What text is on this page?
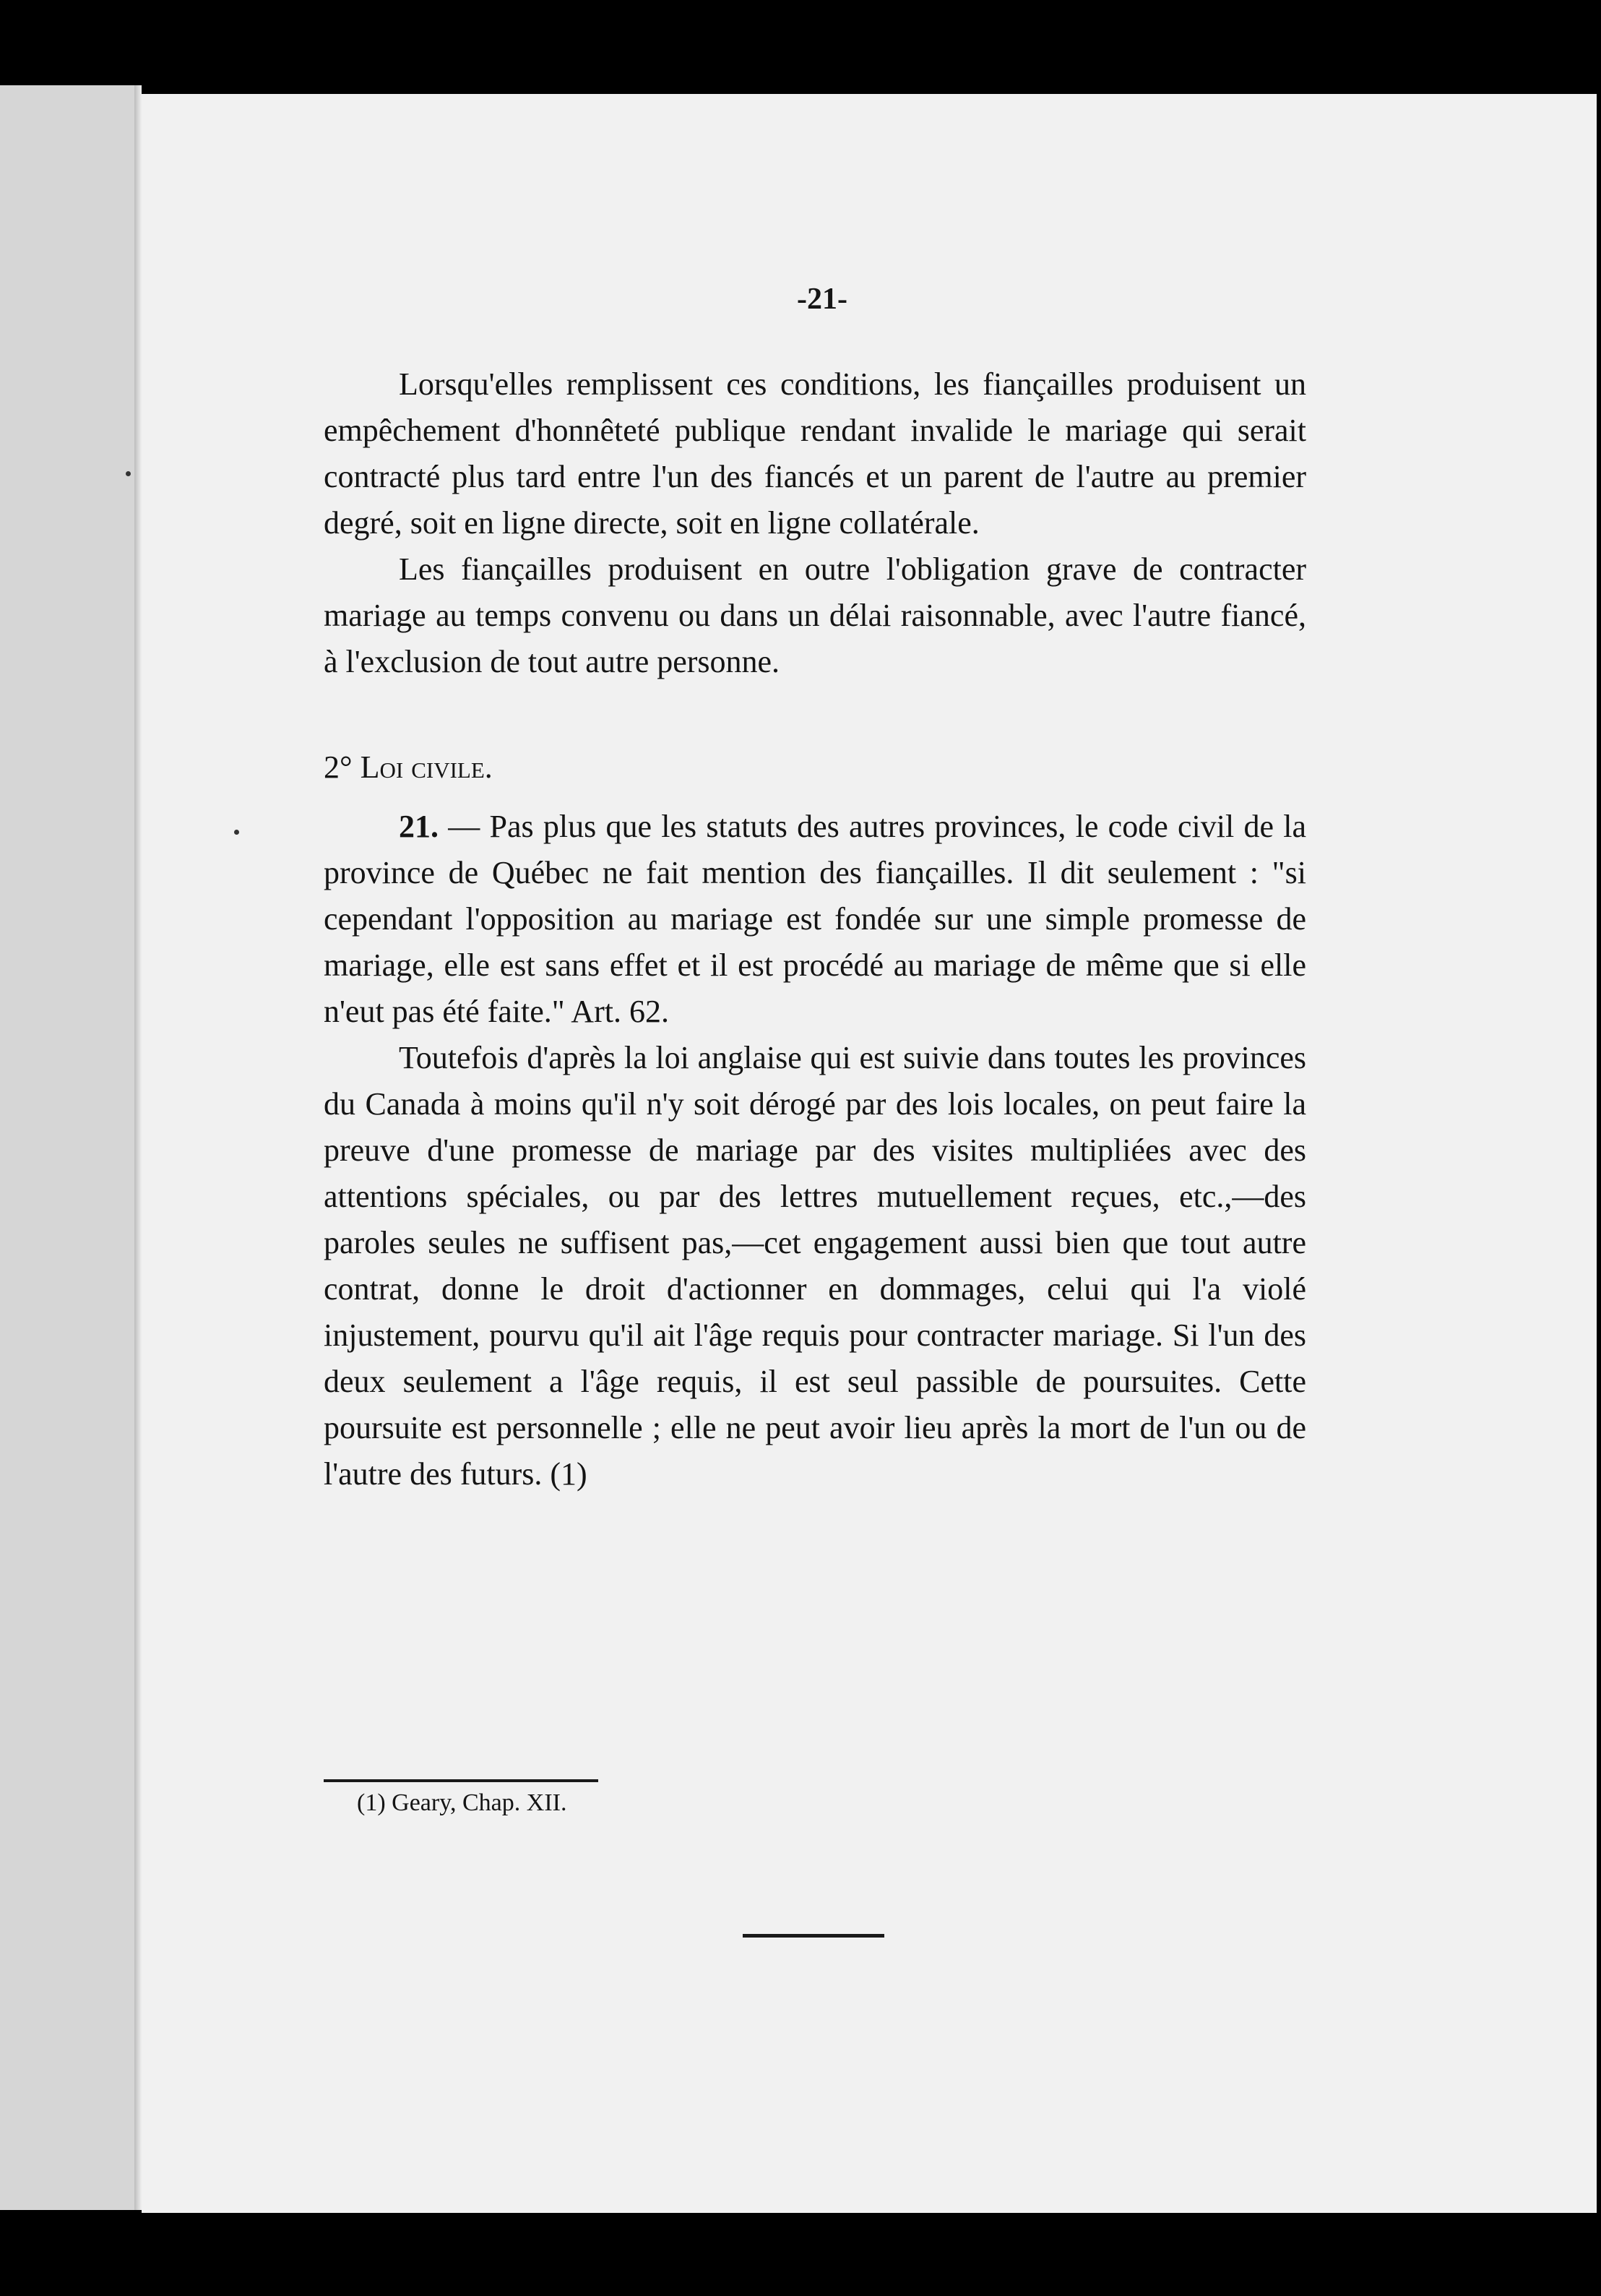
-21-

Lorsqu'elles remplissent ces conditions, les fiançailles produisent un empêchement d'honnêteté publique rendant invalide le mariage qui serait contracté plus tard entre l'un des fiancés et un parent de l'autre au premier degré, soit en ligne directe, soit en ligne collatérale.

Les fiançailles produisent en outre l'obligation grave de contracter mariage au temps convenu ou dans un délai raisonnable, avec l'autre fiancé, à l'exclusion de tout autre personne.

2° Loi civile.

21. — Pas plus que les statuts des autres provinces, le code civil de la province de Québec ne fait mention des fiançailles. Il dit seulement : "si cependant l'opposition au mariage est fondée sur une simple promesse de mariage, elle est sans effet et il est procédé au mariage de même que si elle n'eut pas été faite." Art. 62.

Toutefois d'après la loi anglaise qui est suivie dans toutes les provinces du Canada à moins qu'il n'y soit dérogé par des lois locales, on peut faire la preuve d'une promesse de mariage par des visites multipliées avec des attentions spéciales, ou par des lettres mutuellement reçues, etc.,—des paroles seules ne suffisent pas,—cet engagement aussi bien que tout autre contrat, donne le droit d'actionner en dommages, celui qui l'a violé injustement, pourvu qu'il ait l'âge requis pour contracter mariage. Si l'un des deux seulement a l'âge requis, il est seul passible de poursuites. Cette poursuite est personnelle ; elle ne peut avoir lieu après la mort de l'un ou de l'autre des futurs. (1)

(1) Geary, Chap. XII.
